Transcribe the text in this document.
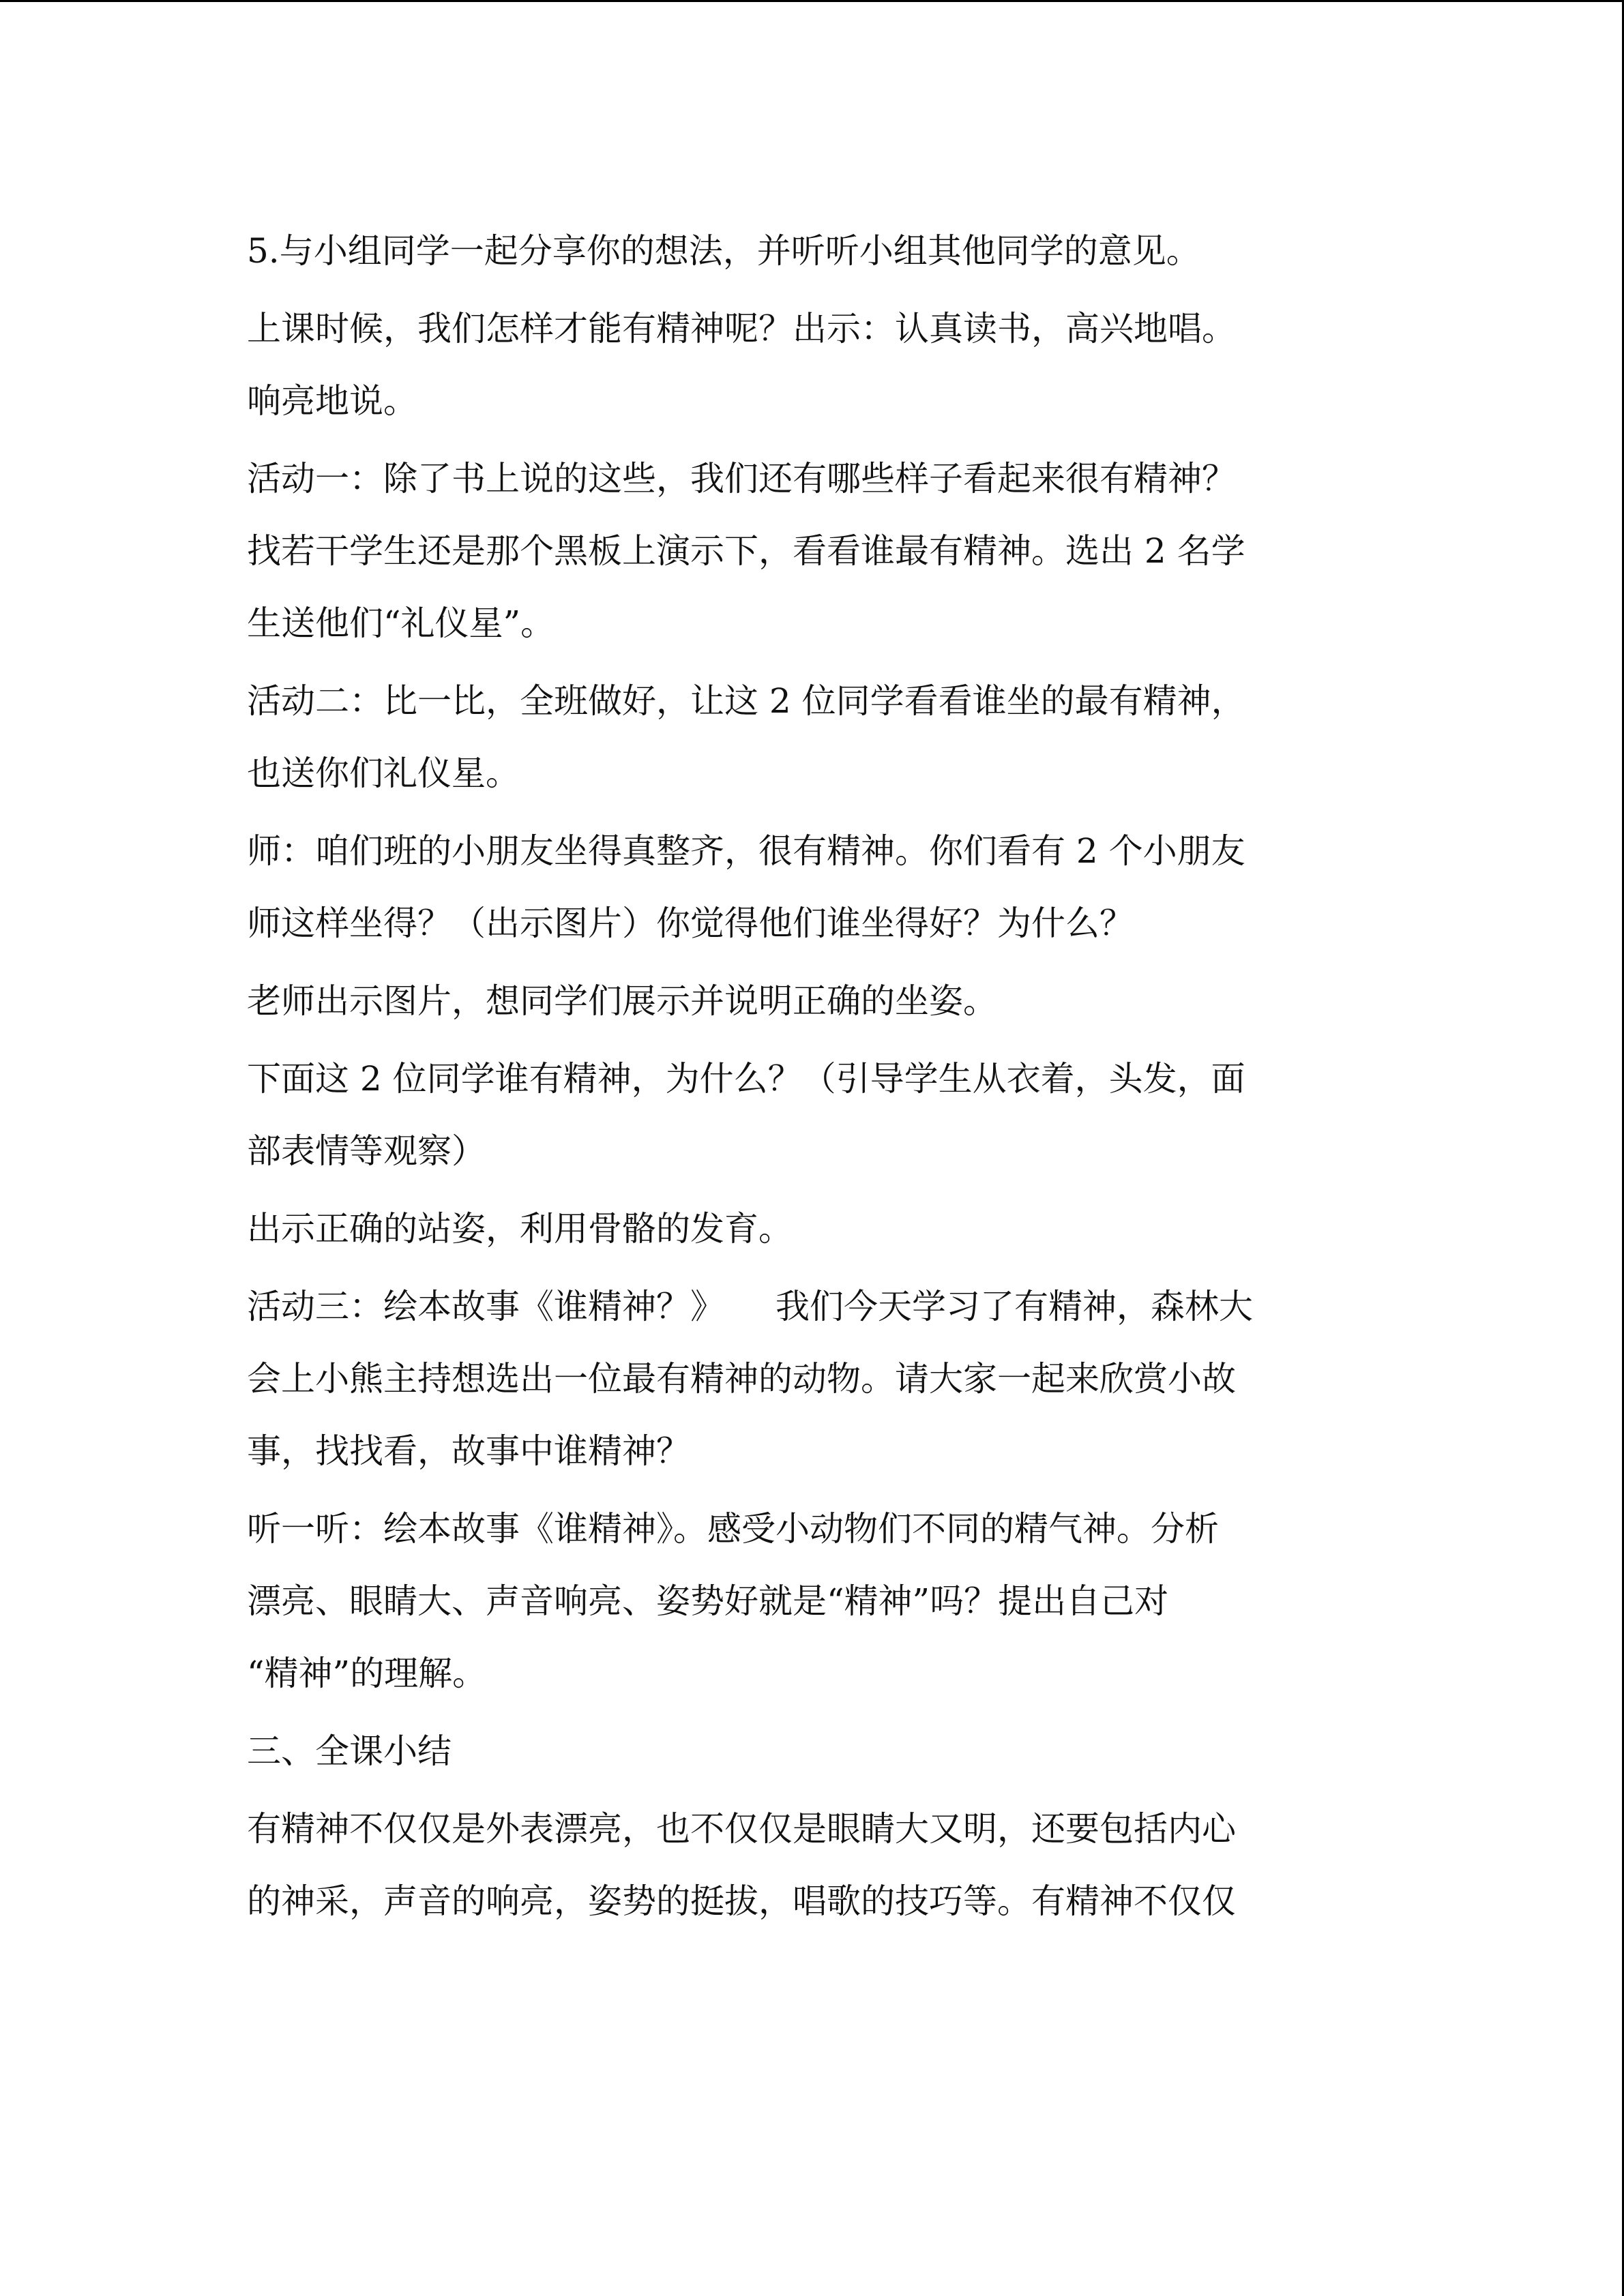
5.与小组同学一起分享你的想法，并听听小组其他同学的意见。
上课时候，我们怎样才能有精神呢？出示：认真读书，高兴地唱。
响亮地说。
活动一：除了书上说的这些，我们还有哪些样子看起来很有精神？
找若干学生还是那个黑板上演示下，看看谁最有精神。选出 2 名学
生送他们“礼仪星”。
活动二：比一比，全班做好，让这 2 位同学看看谁坐的最有精神，
也送你们礼仪星。
师：咱们班的小朋友坐得真整齐，很有精神。你们看有 2 个小朋友
师这样坐得？（出示图片）你觉得他们谁坐得好？为什么？
老师出示图片，想同学们展示并说明正确的坐姿。
下面这 2 位同学谁有精神，为什么？（引导学生从衣着，头发，面
部表情等观察）
出示正确的站姿，利用骨骼的发育。
活动三：绘本故事《谁精神？》　　我们今天学习了有精神，森林大
会上小熊主持想选出一位最有精神的动物。请大家一起来欣赏小故
事，找找看，故事中谁精神？
听一听：绘本故事《谁精神》。感受小动物们不同的精气神。分析
漂亮、眼睛大、声音响亮、姿势好就是“精神”吗？提出自己对
“精神”的理解。
三、全课小结
有精神不仅仅是外表漂亮，也不仅仅是眼睛大又明，还要包括内心
的神采，声音的响亮，姿势的挺拔，唱歌的技巧等。有精神不仅仅
